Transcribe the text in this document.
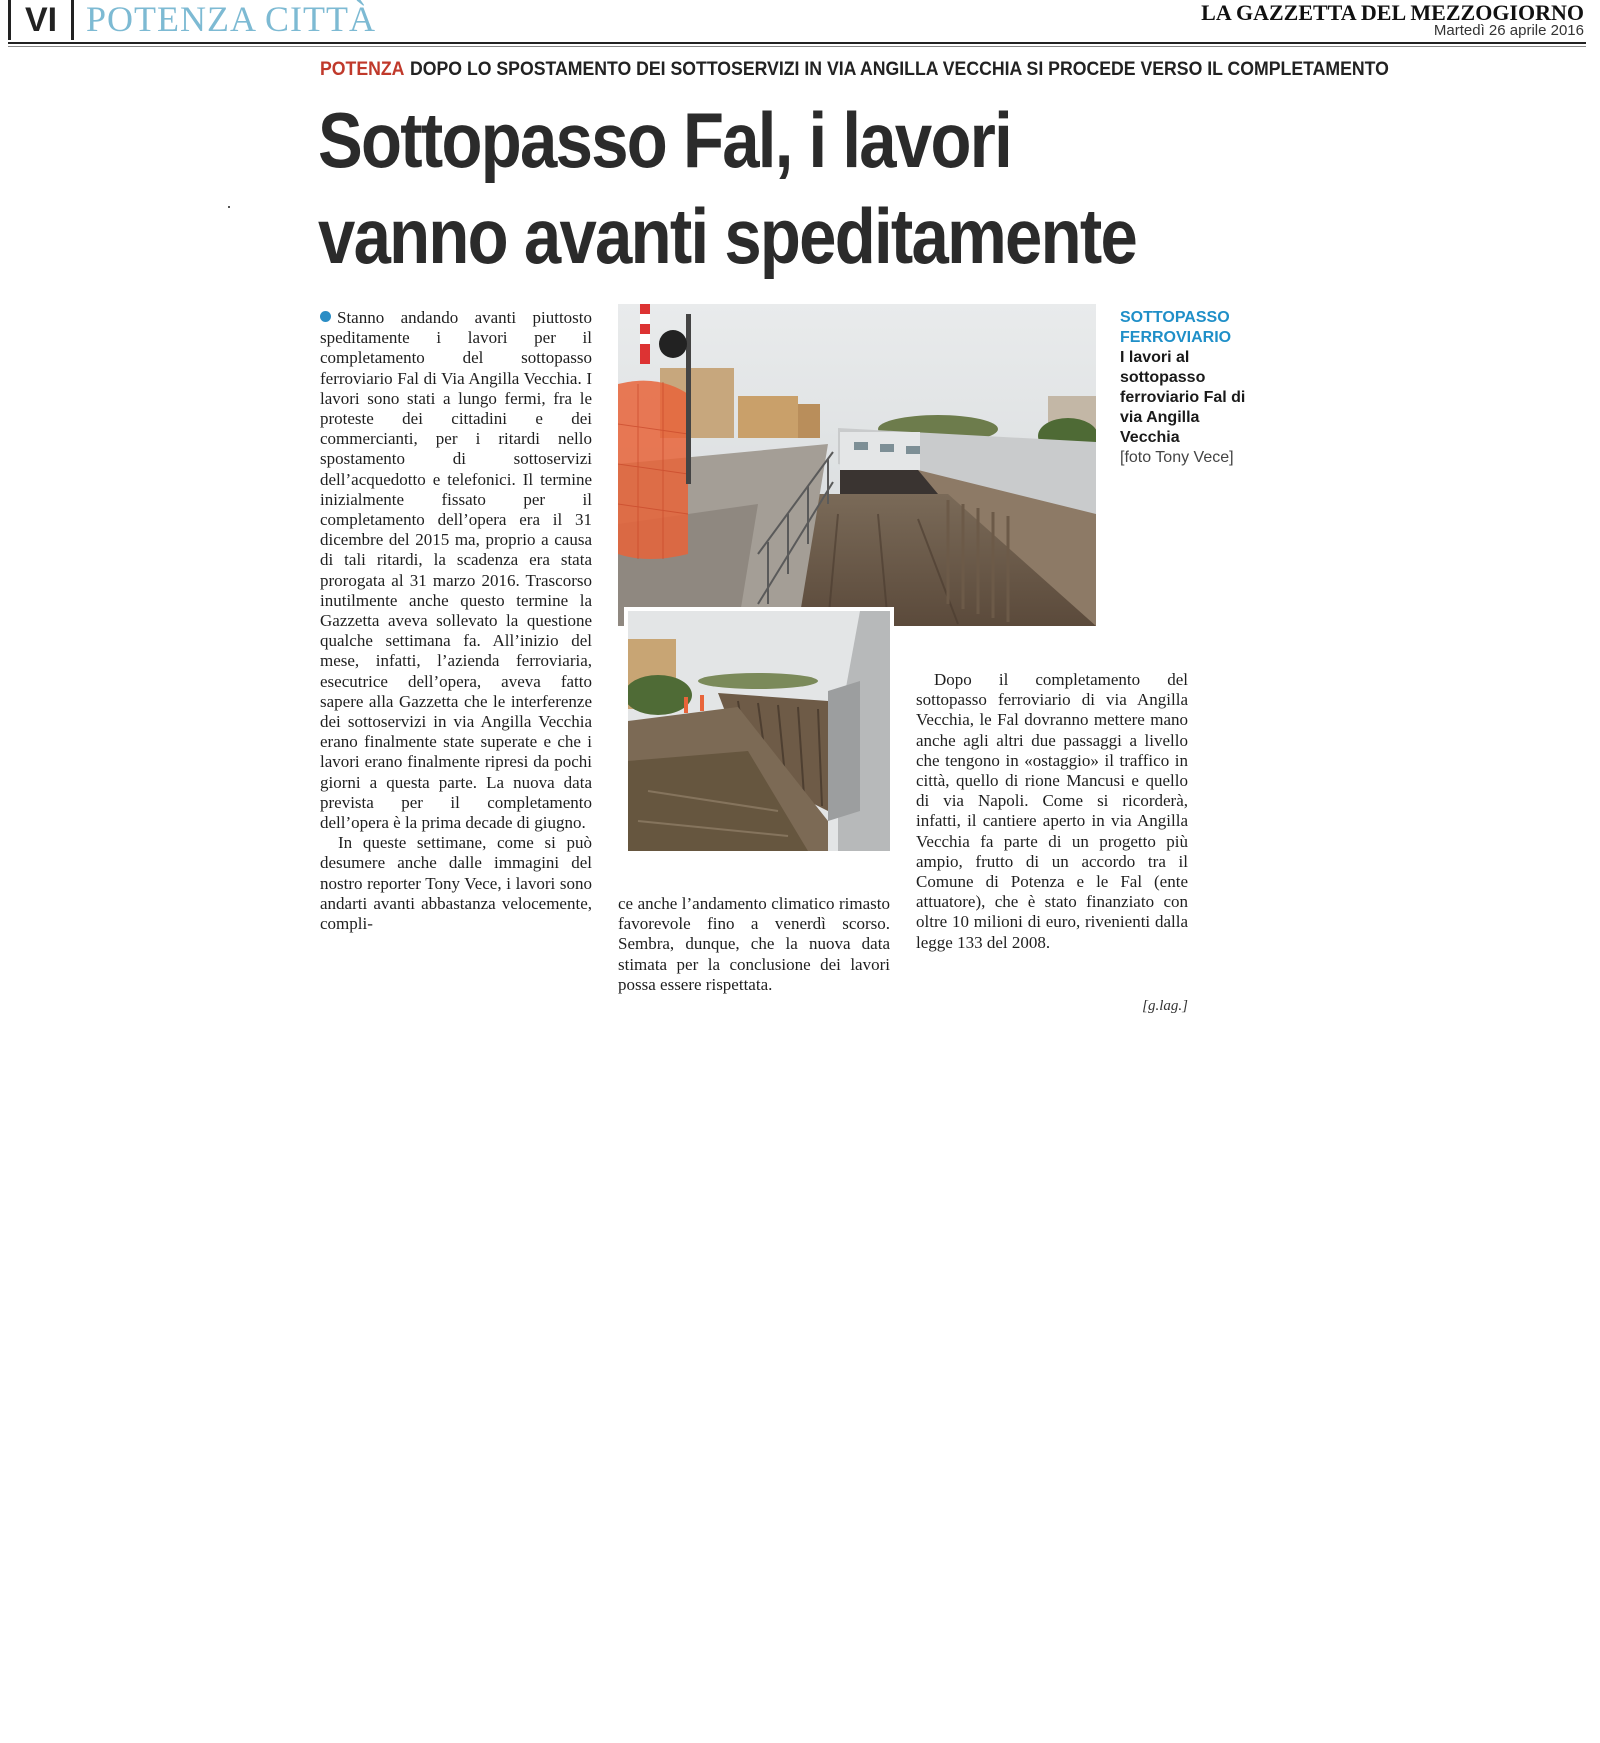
VI POTENZA CITTÀ	LA GAZZETTA DEL MEZZOGIORNO
Martedì 26 aprile 2016
POTENZA DOPO LO SPOSTAMENTO DEI SOTTOSERVIZI IN VIA ANGILLA VECCHIA SI PROCEDE VERSO IL COMPLETAMENTO
Sottopasso Fal, i lavori
vanno avanti speditamente
SOTTOPASSO
FERROVIARIO
I lavori al sottopasso ferroviario Fal di via Angilla Vecchia
[foto Tony Vece]

Stanno andando avanti piuttosto speditamente i lavori per il completamento del sottopasso ferroviario Fal di Via Angilla Vecchia. I lavori sono stati a lungo fermi, fra le proteste dei cittadini e dei commercianti, per i ritardi nello spostamento di sottoservizi dell’acquedotto e telefonici. Il termine inizialmente fissato per il completamento dell’opera era il 31 dicembre del 2015 ma, proprio a causa di tali ritardi, la scadenza era stata prorogata al 31 marzo 2016. Trascorso inutilmente anche questo termine la Gazzetta aveva sollevato la questione qualche settimana fa. All’inizio del mese, infatti, l’azienda ferroviaria, esecutrice dell’opera, aveva fatto sapere alla Gazzetta che le interferenze dei sottoservizi in via Angilla Vecchia erano finalmente state superate e che i lavori erano finalmente ripresi da pochi giorni a questa parte. La nuova data prevista per il completamento dell’opera è la prima decade di giugno.

In queste settimane, come si può desumere anche dalle immagini del nostro reporter Tony Vece, i lavori sono andarti avanti abbastanza velocemente, compli-

ce anche l’andamento climatico rimasto favorevole fino a venerdì scorso. Sembra, dunque, che la nuova data stimata per la conclusione dei lavori possa essere rispettata.

Dopo il completamento del sottopasso ferroviario di via Angilla Vecchia, le Fal dovranno mettere mano anche agli altri due passaggi a livello che tengono in «ostaggio» il traffico in città, quello di rione Mancusi e quello di via Napoli. Come si ricorderà, infatti, il cantiere aperto in via Angilla Vecchia fa parte di un progetto più ampio, frutto di un accordo tra il Comune di Potenza e le Fal (ente attuatore), che è stato finanziato con oltre 10 milioni di euro, rivenienti dalla legge 133 del 2008.

[g.lag.]
